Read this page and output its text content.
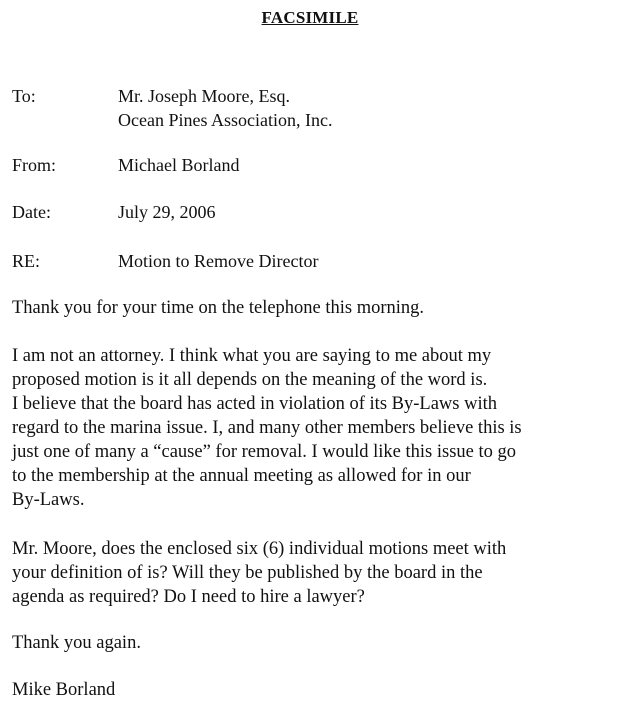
FACSIMILE
To:	Mr. Joseph Moore, Esq.
Ocean Pines Association, Inc.
From:	Michael Borland
Date:	July 29, 2006
RE:	Motion to Remove Director
Thank you for your time on the telephone this morning.
I am not an attorney. I think what you are saying to me about my
proposed motion is it all depends on the meaning of the word is.
I believe that the board has acted in violation of its By-Laws with
regard to the marina issue. I, and many other members believe this is
just one of many a “cause” for removal. I would like this issue to go
to the membership at the annual meeting as allowed for in our
By-Laws.
Mr. Moore, does the enclosed six (6) individual motions meet with
your definition of is? Will they be published by the board in the
agenda as required? Do I need to hire a lawyer?
Thank you again.
Mike Borland
